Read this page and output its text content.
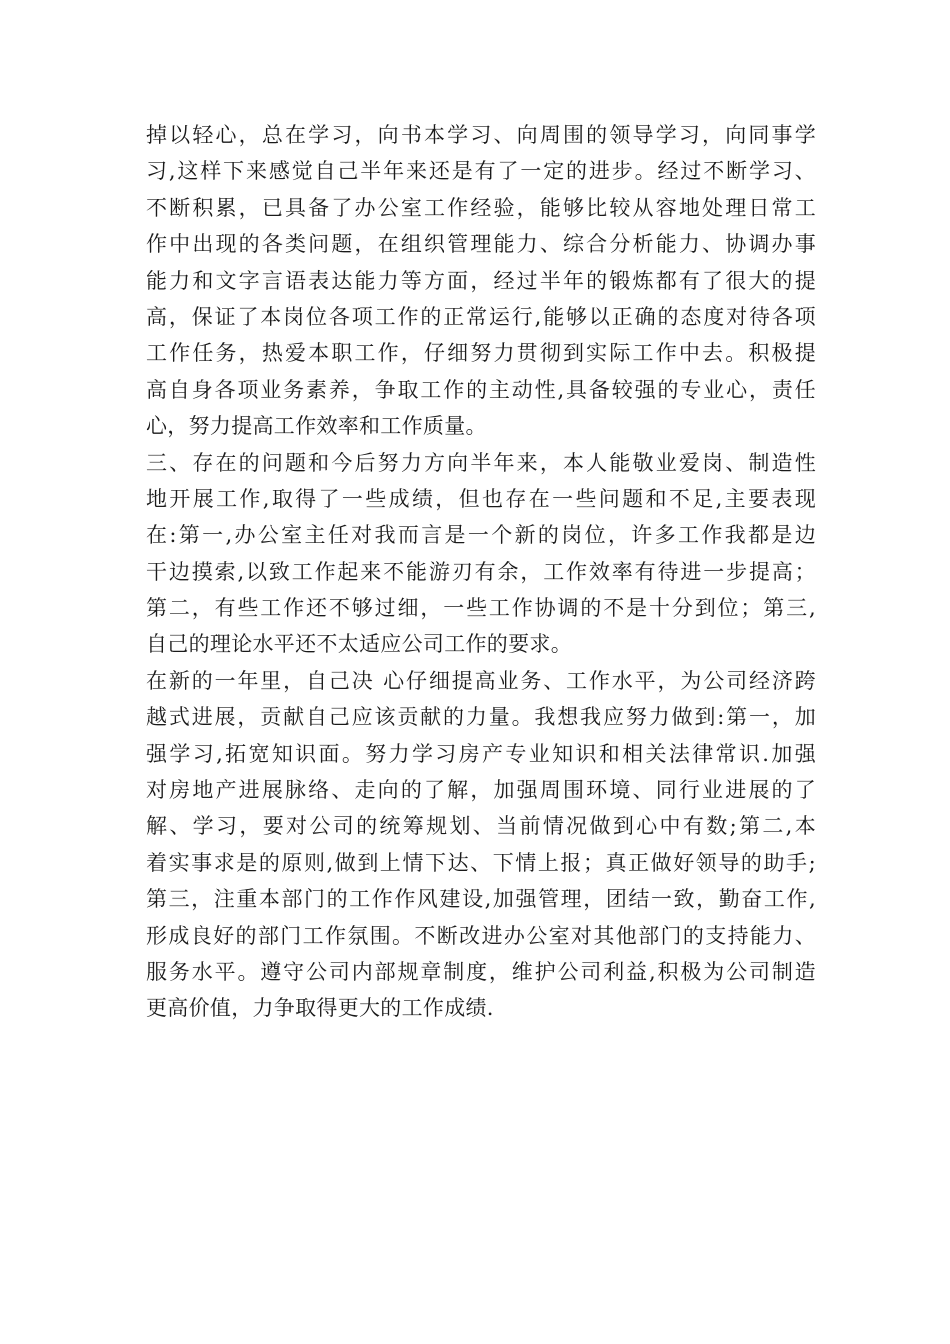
掉以轻心，总在学习，向书本学习、向周围的领导学习，向同事学
习,这样下来感觉自己半年来还是有了一定的进步。经过不断学习、
不断积累，已具备了办公室工作经验，能够比较从容地处理日常工
作中出现的各类问题，在组织管理能力、综合分析能力、协调办事
能力和文字言语表达能力等方面，经过半年的锻炼都有了很大的提
高，保证了本岗位各项工作的正常运行,能够以正确的态度对待各项
工作任务，热爱本职工作，仔细努力贯彻到实际工作中去。积极提
高自身各项业务素养，争取工作的主动性,具备较强的专业心，责任
心，努力提高工作效率和工作质量。
三、存在的问题和今后努力方向半年来，本人能敬业爱岗、制造性
地开展工作,取得了一些成绩，但也存在一些问题和不足,主要表现
在:第一,办公室主任对我而言是一个新的岗位，许多工作我都是边
干边摸索,以致工作起来不能游刃有余，工作效率有待进一步提高；
第二，有些工作还不够过细，一些工作协调的不是十分到位；第三,
自己的理论水平还不太适应公司工作的要求。
在新的一年里，自己决 心仔细提高业务、工作水平，为公司经济跨
越式进展，贡献自己应该贡献的力量。我想我应努力做到:第一，加
强学习,拓宽知识面。努力学习房产专业知识和相关法律常识.加强
对房地产进展脉络、走向的了解，加强周围环境、同行业进展的了
解、学习，要对公司的统筹规划、当前情况做到心中有数;第二,本
着实事求是的原则,做到上情下达、下情上报；真正做好领导的助手;
第三，注重本部门的工作作风建设,加强管理，团结一致，勤奋工作,
形成良好的部门工作氛围。不断改进办公室对其他部门的支持能力、
服务水平。遵守公司内部规章制度，维护公司利益,积极为公司制造
更高价值，力争取得更大的工作成绩.
